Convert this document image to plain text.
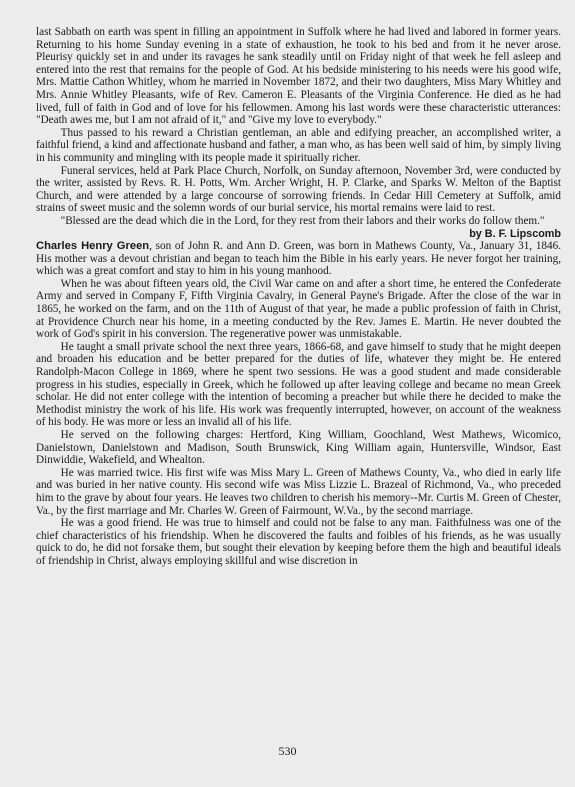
last Sabbath on earth was spent in filling an appointment in Suffolk where he had lived and labored in former years. Returning to his home Sunday evening in a state of exhaustion, he took to his bed and from it he never arose. Pleurisy quickly set in and under its ravages he sank steadily until on Friday night of that week he fell asleep and entered into the rest that remains for the people of God. At his bedside ministering to his needs were his good wife, Mrs. Mattie Cathon Whitley, whom he married in November 1872, and their two daughters, Miss Mary Whitley and Mrs. Annie Whitley Pleasants, wife of Rev. Cameron E. Pleasants of the Virginia Conference. He died as he had lived, full of faith in God and of love for his fellowmen. Among his last words were these characteristic utterances: "Death awes me, but I am not afraid of it," and "Give my love to everybody."

Thus passed to his reward a Christian gentleman, an able and edifying preacher, an accomplished writer, a faithful friend, a kind and affectionate husband and father, a man who, as has been well said of him, by simply living in his community and mingling with its people made it spiritually richer.

Funeral services, held at Park Place Church, Norfolk, on Sunday afternoon, November 3rd, were conducted by the writer, assisted by Revs. R. H. Potts, Wm. Archer Wright, H. P. Clarke, and Sparks W. Melton of the Baptist Church, and were attended by a large concourse of sorrowing friends. In Cedar Hill Cemetery at Suffolk, amid strains of sweet music and the solemn words of our burial service, his mortal remains were laid to rest.

"Blessed are the dead which die in the Lord, for they rest from their labors and their works do follow them."

by B. F. Lipscomb

Charles Henry Green, son of John R. and Ann D. Green, was born in Mathews County, Va., January 31, 1846. His mother was a devout christian and began to teach him the Bible in his early years. He never forgot her training, which was a great comfort and stay to him in his young manhood.

When he was about fifteen years old, the Civil War came on and after a short time, he entered the Confederate Army and served in Company F, Fifth Virginia Cavalry, in General Payne's Brigade. After the close of the war in 1865, he worked on the farm, and on the 11th of August of that year, he made a public profession of faith in Christ, at Providence Church near his home, in a meeting conducted by the Rev. James E. Martin. He never doubted the work of God's spirit in his conversion. The regenerative power was unmistakable.

He taught a small private school the next three years, 1866-68, and gave himself to study that he might deepen and broaden his education and be better prepared for the duties of life, whatever they might be. He entered Randolph-Macon College in 1869, where he spent two sessions. He was a good student and made considerable progress in his studies, especially in Greek, which he followed up after leaving college and became no mean Greek scholar. He did not enter college with the intention of becoming a preacher but while there he decided to make the Methodist ministry the work of his life. His work was frequently interrupted, however, on account of the weakness of his body. He was more or less an invalid all of his life.

He served on the following charges: Hertford, King William, Goochland, West Mathews, Wicomico, Danielstown, Danielstown and Madison, South Brunswick, King William again, Huntersville, Windsor, East Dinwiddie, Wakefield, and Whealton.

He was married twice. His first wife was Miss Mary L. Green of Mathews County, Va., who died in early life and was buried in her native county. His second wife was Miss Lizzie L. Brazeal of Richmond, Va., who preceded him to the grave by about four years. He leaves two children to cherish his memory--Mr. Curtis M. Green of Chester, Va., by the first marriage and Mr. Charles W. Green of Fairmount, W.Va., by the second marriage.

He was a good friend. He was true to himself and could not be false to any man. Faithfulness was one of the chief characteristics of his friendship. When he discovered the faults and foibles of his friends, as he was usually quick to do, he did not forsake them, but sought their elevation by keeping before them the high and beautiful ideals of friendship in Christ, always employing skillful and wise discretion in

530
